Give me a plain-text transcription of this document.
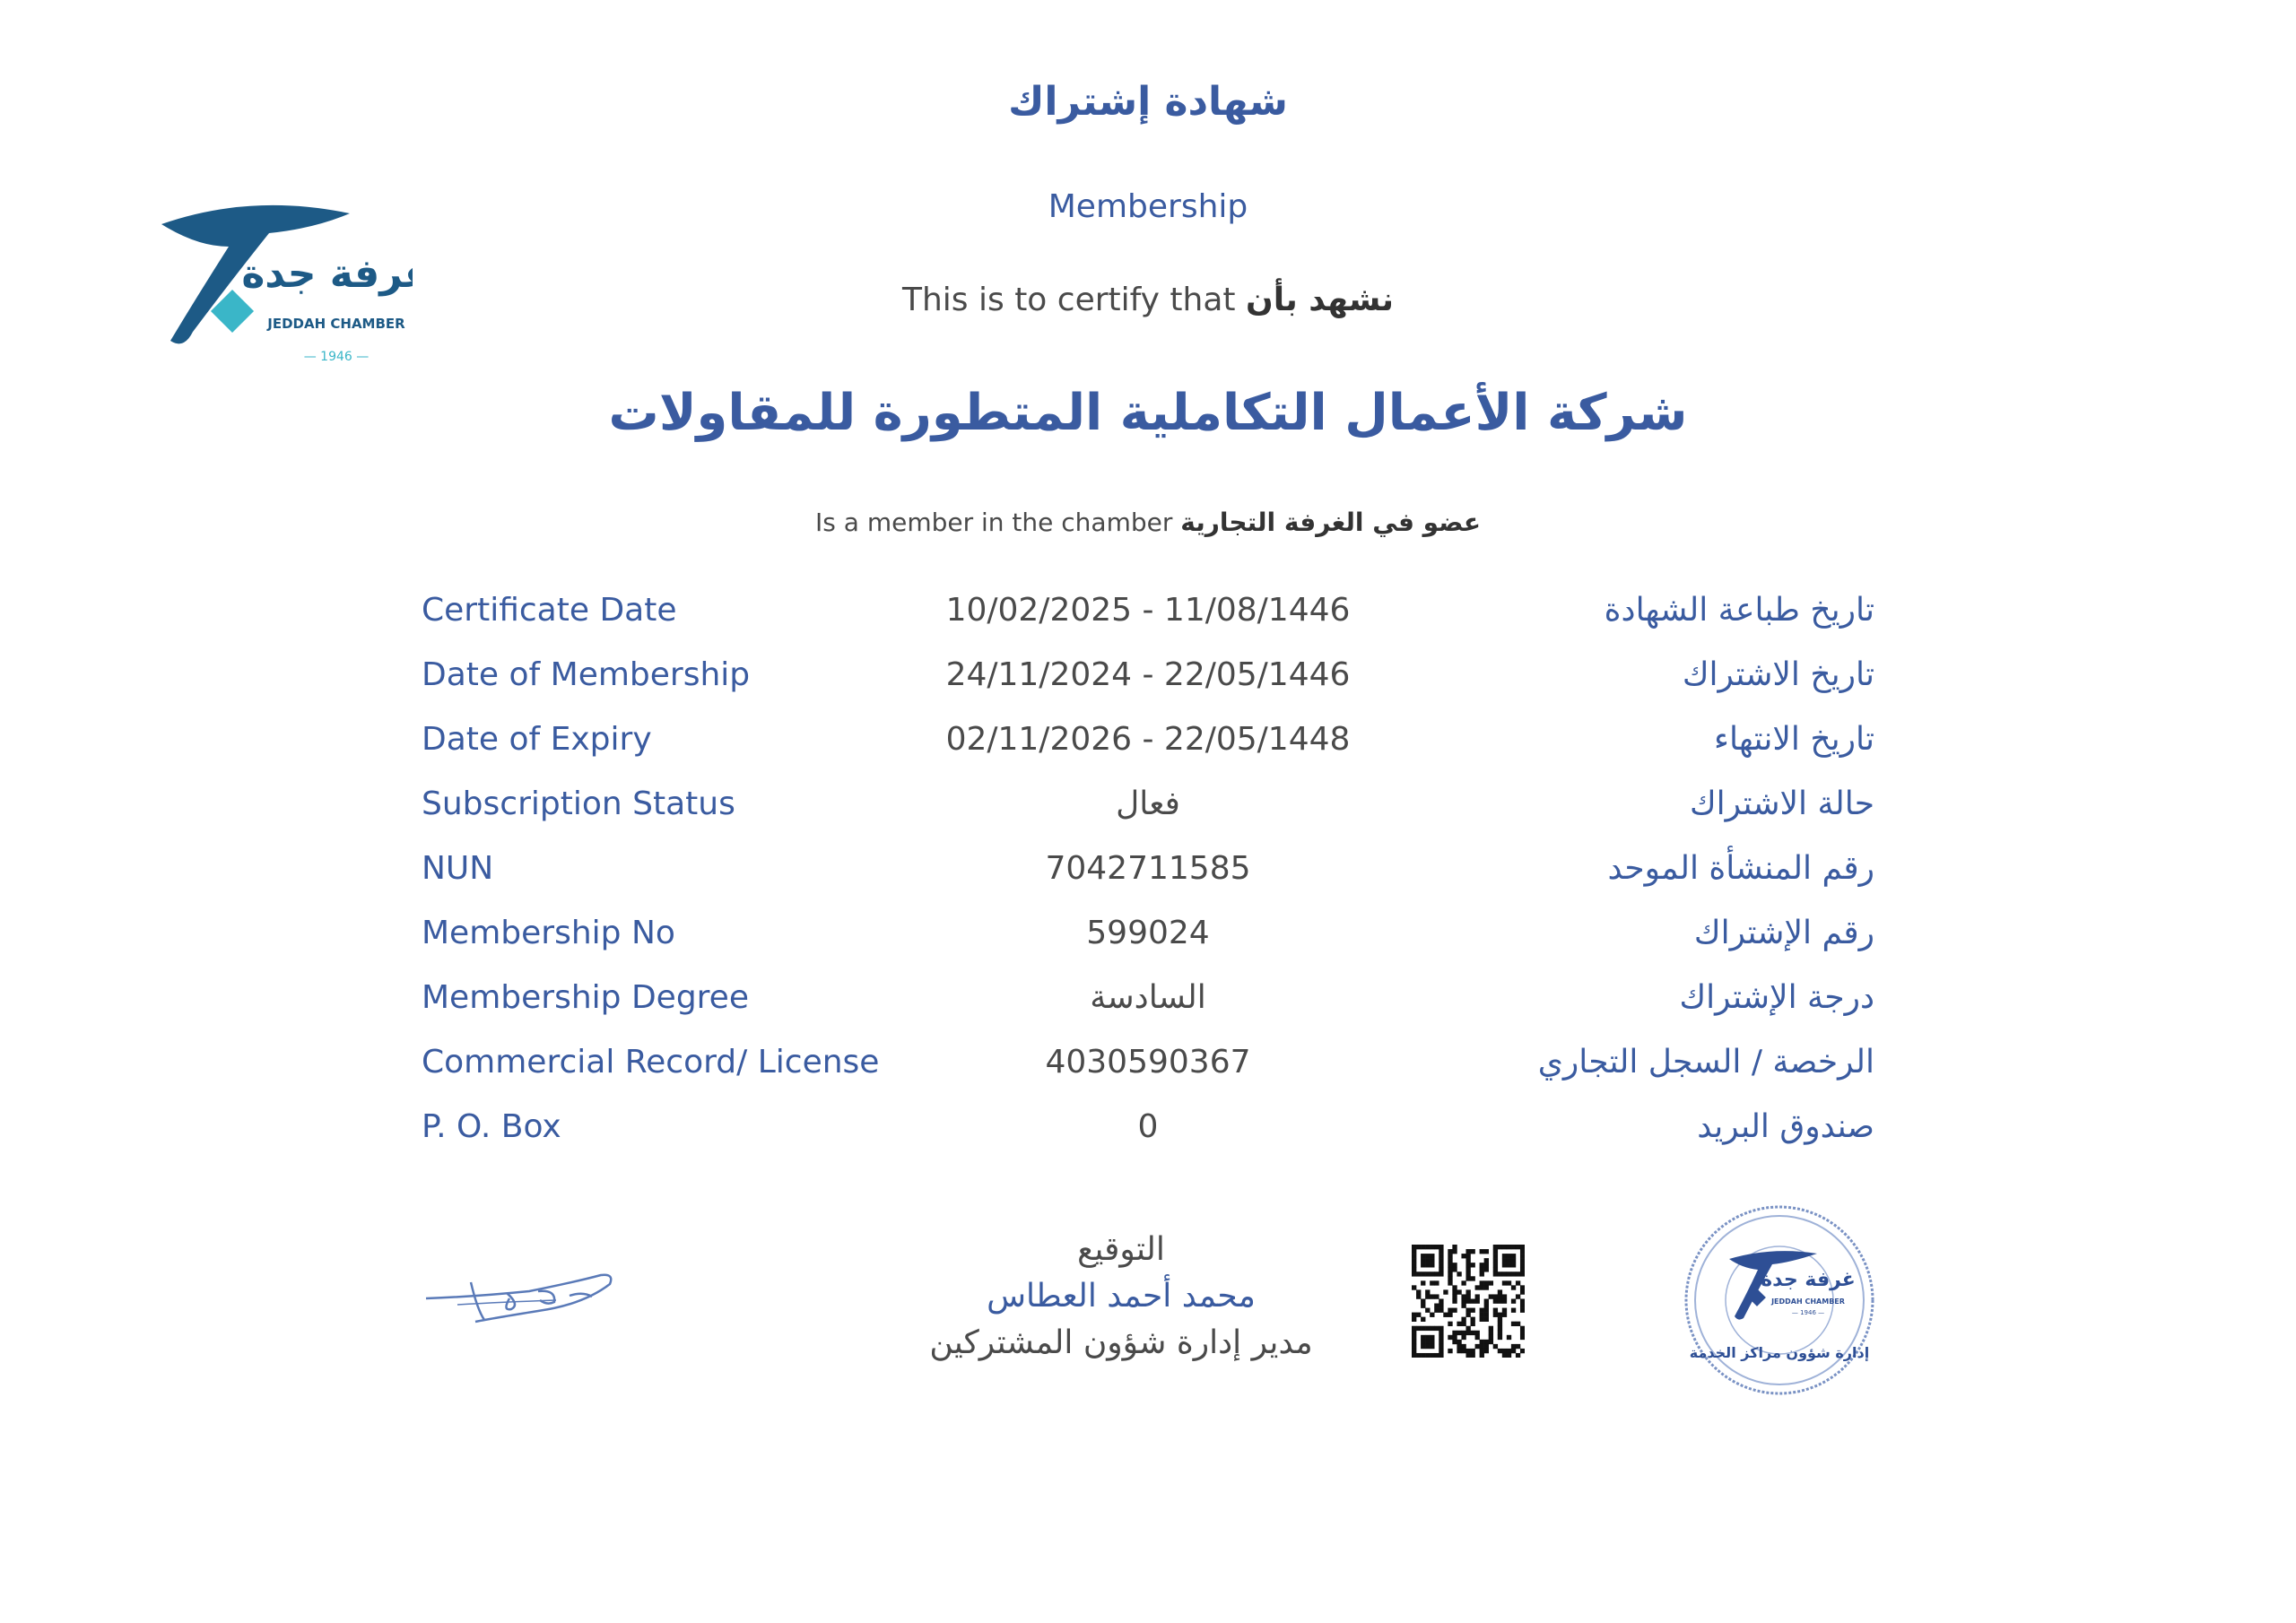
غرفة جدة
JEDDAH CHAMBER
— 1946 —
شهادة إشتراك
Membership
This is to certify that نشهد بأن
شركة الأعمال التكاملية المتطورة للمقاولات
Is a member in the chamber عضو في الغرفة التجارية
Certificate Date	10/02/2025 - 11/08/1446	تاريخ طباعة الشهادة
Date of Membership	24/11/2024 - 22/05/1446	تاريخ الاشتراك
Date of Expiry	02/11/2026 - 22/05/1448	تاريخ الانتهاء
Subscription Status	فعال	حالة الاشتراك
NUN	7042711585	رقم المنشأة الموحد
Membership No	599024	رقم الإشتراك
Membership Degree	السادسة	درجة الإشتراك
Commercial Record/ License	4030590367	الرخصة / السجل التجاري
P. O. Box	0	صندوق البريد
التوقيع
محمد أحمد العطاس
مدير إدارة شؤون المشتركين
غرفة جدة
JEDDAH CHAMBER
— 1946 —
إدارة شؤون مراكز الخدمة
